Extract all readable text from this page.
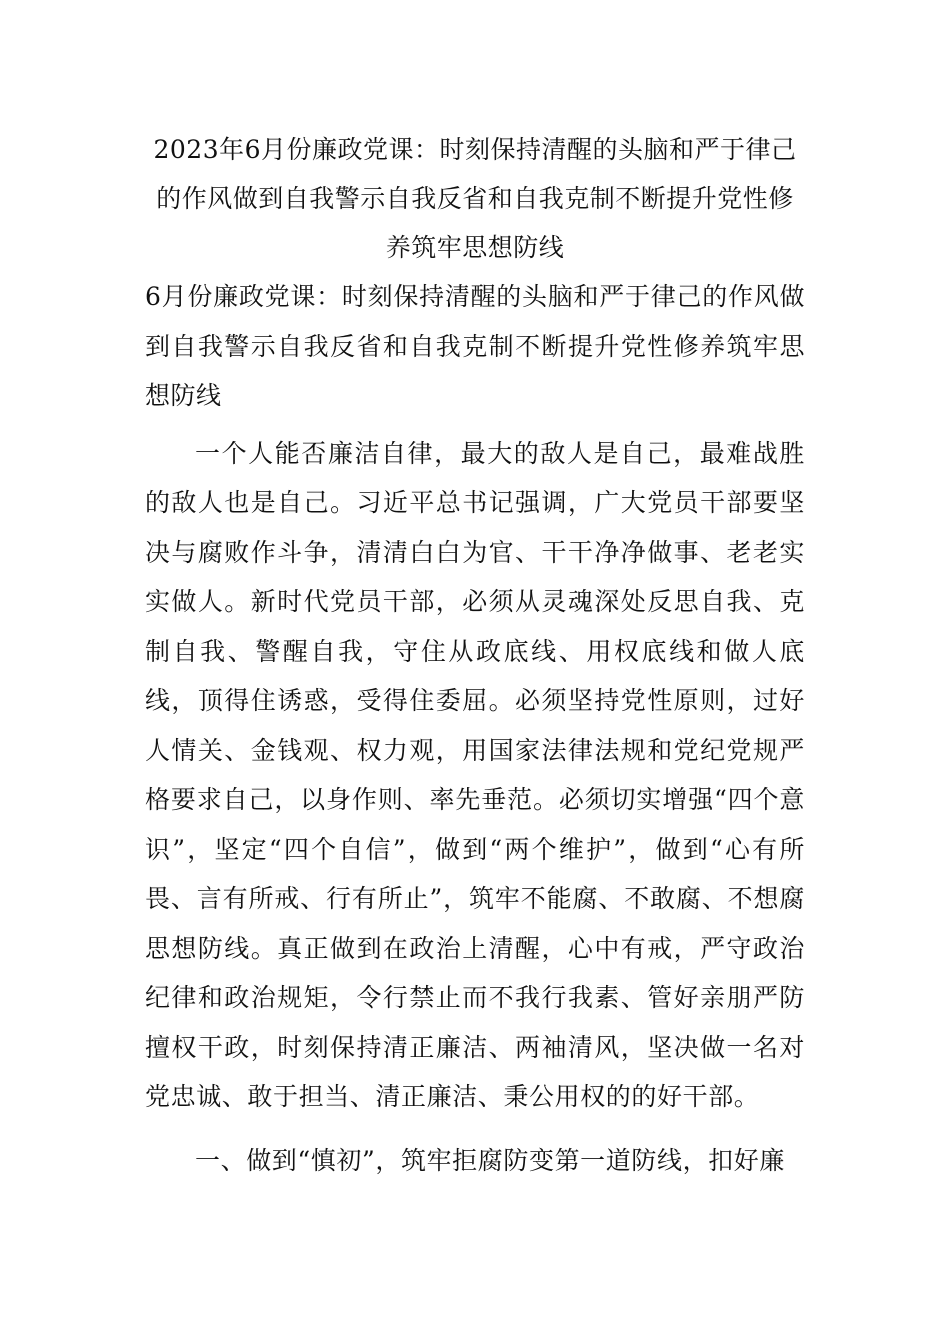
2023年6月份廉政党课：时刻保持清醒的头脑和严于律己的作风做到自我警示自我反省和自我克制不断提升党性修养筑牢思想防线

6月份廉政党课：时刻保持清醒的头脑和严于律己的作风做到自我警示自我反省和自我克制不断提升党性修养筑牢思想防线

一个人能否廉洁自律，最大的敌人是自己，最难战胜的敌人也是自己。习近平总书记强调，广大党员干部要坚决与腐败作斗争，清清白白为官、干干净净做事、老老实实做人。新时代党员干部，必须从灵魂深处反思自我、克制自我、警醒自我，守住从政底线、用权底线和做人底线，顶得住诱惑，受得住委屈。必须坚持党性原则，过好人情关、金钱观、权力观，用国家法律法规和党纪党规严格要求自己，以身作则、率先垂范。必须切实增强“四个意识”，坚定“四个自信”，做到“两个维护”，做到“心有所畏、言有所戒、行有所止”，筑牢不能腐、不敢腐、不想腐思想防线。真正做到在政治上清醒，心中有戒，严守政治纪律和政治规矩，令行禁止而不我行我素、管好亲朋严防擅权干政，时刻保持清正廉洁、两袖清风，坚决做一名对党忠诚、敢于担当、清正廉洁、秉公用权的的好干部。

一、做到“慎初”，筑牢拒腐防变第一道防线，扣好廉
